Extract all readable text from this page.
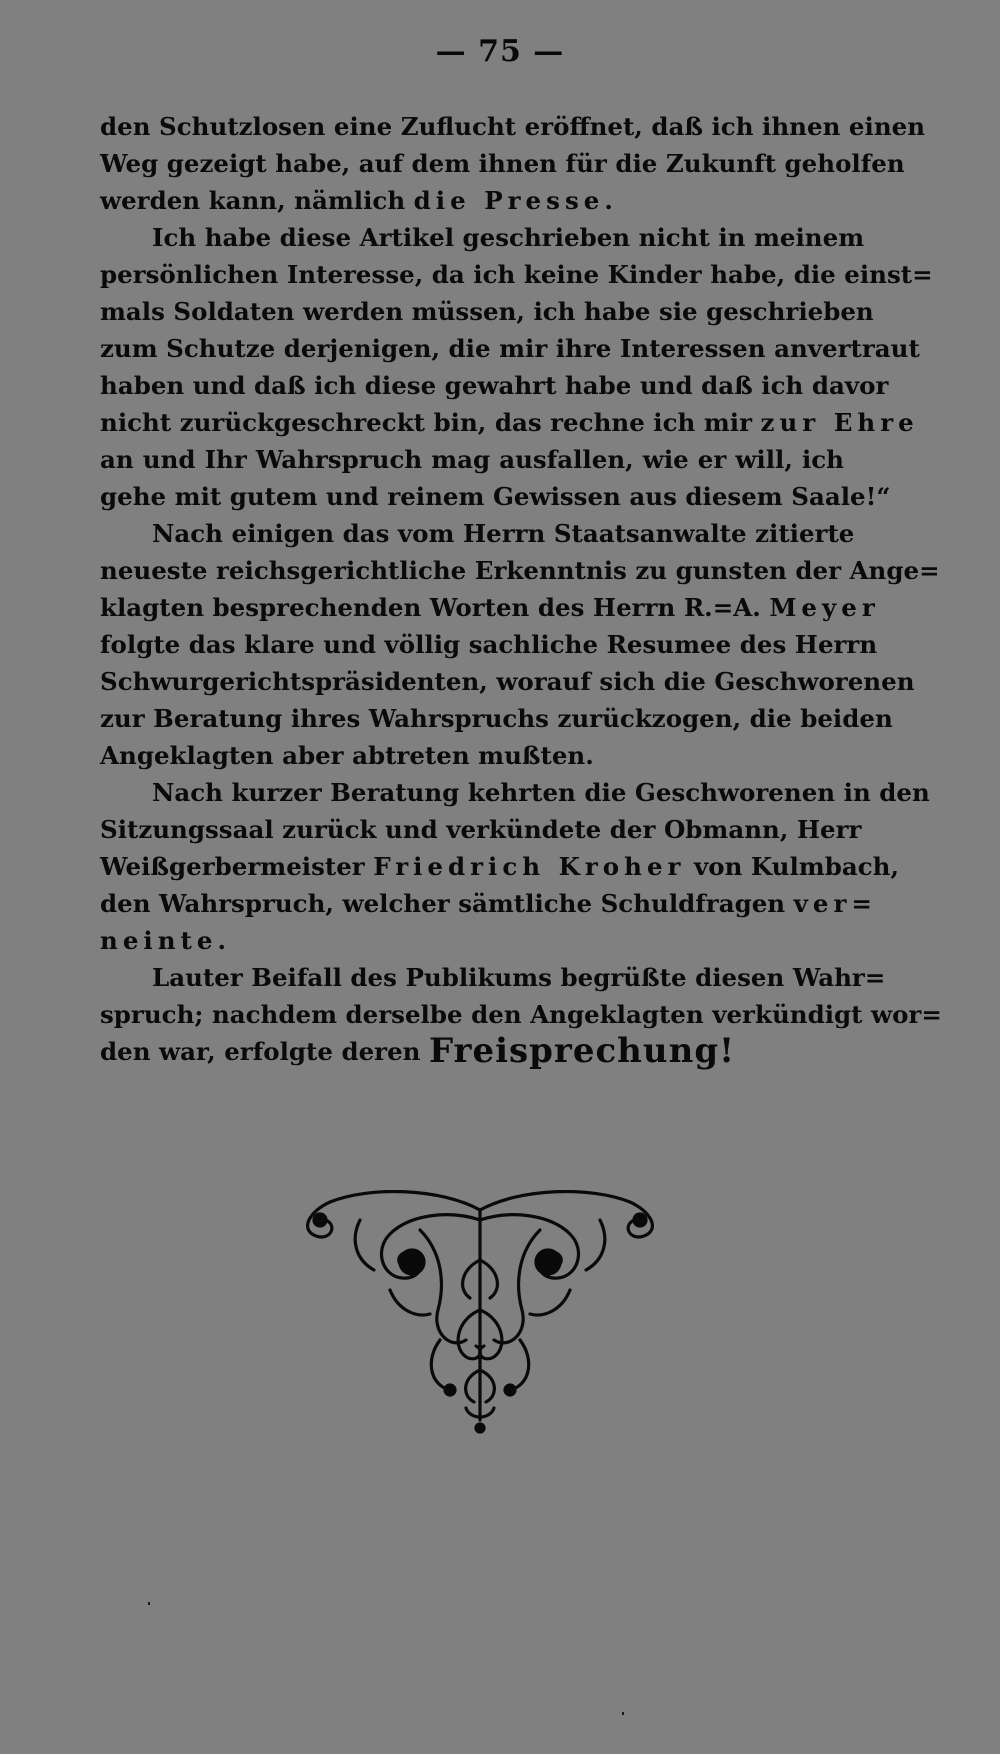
— 75 —
den Schutzlosen eine Zuflucht eröffnet, daß ich ihnen einen
Weg gezeigt habe, auf dem ihnen für die Zukunft geholfen
werden kann, nämlich die Presse.
Ich habe diese Artikel geschrieben nicht in meinem
persönlichen Interesse, da ich keine Kinder habe, die einst=
mals Soldaten werden müssen, ich habe sie geschrieben
zum Schutze derjenigen, die mir ihre Interessen anvertraut
haben und daß ich diese gewahrt habe und daß ich davor
nicht zurückgeschreckt bin, das rechne ich mir zur Ehre
an und Ihr Wahrspruch mag ausfallen, wie er will, ich
gehe mit gutem und reinem Gewissen aus diesem Saale!“
Nach einigen das vom Herrn Staatsanwalte zitierte
neueste reichsgerichtliche Erkenntnis zu gunsten der Ange=
klagten besprechenden Worten des Herrn R.=A. Meyer
folgte das klare und völlig sachliche Resumee des Herrn
Schwurgerichtspräsidenten, worauf sich die Geschworenen
zur Beratung ihres Wahrspruchs zurückzogen, die beiden
Angeklagten aber abtreten mußten.
Nach kurzer Beratung kehrten die Geschworenen in den
Sitzungssaal zurück und verkündete der Obmann, Herr
Weißgerbermeister Friedrich Kroher von Kulmbach,
den Wahrspruch, welcher sämtliche Schuldfragen ver=
neinte.
Lauter Beifall des Publikums begrüßte diesen Wahr=
spruch; nachdem derselbe den Angeklagten verkündigt wor=
den war, erfolgte deren Freisprechung!
